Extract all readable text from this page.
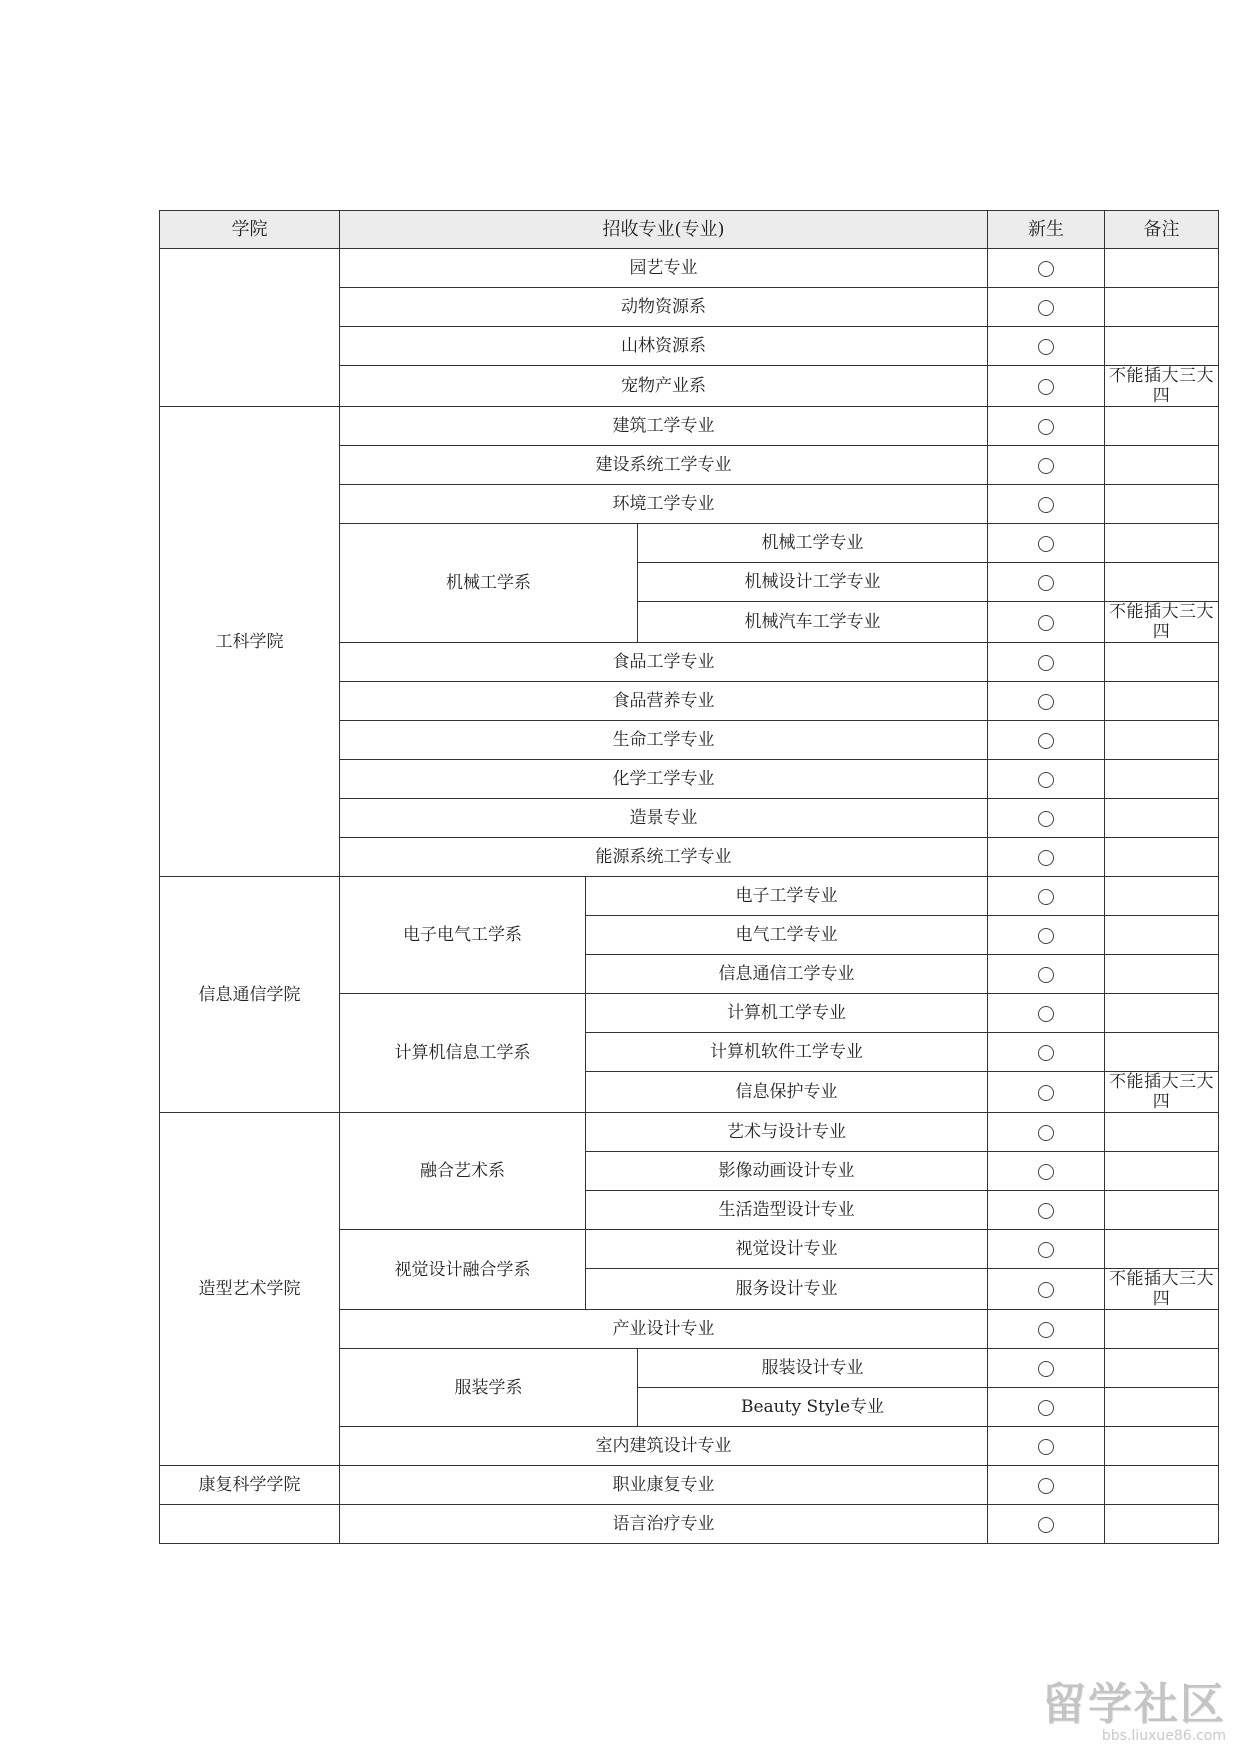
学院	招收专业(专业)			新生	备注
	园艺专业				
	动物资源系				
	山林资源系				
	宠物产业系				不能插大三大四
工科学院	建筑工学专业				
	建设系统工学专业				
	环境工学专业				
	机械工学系		机械工学专业		
			机械设计工学专业		
			机械汽车工学专业		不能插大三大四
	食品工学专业				
	食品营养专业				
	生命工学专业				
	化学工学专业				
	造景专业				
	能源系统工学专业				
信息通信学院	电子电气工学系	电子工学专业			
		电气工学专业			
		信息通信工学专业			
	计算机信息工学系	计算机工学专业			
		计算机软件工学专业			
		信息保护专业			不能插大三大四
造型艺术学院	融合艺术系	艺术与设计专业			
		影像动画设计专业			
		生活造型设计专业			
	视觉设计融合学系	视觉设计专业			
		服务设计专业			不能插大三大四
	产业设计专业				
	服装学系		服装设计专业		
			Beauty Style专业		
	室内建筑设计专业				
康复科学学院	职业康复专业				
	语言治疗专业				
留学社区
bbs.liuxue86.com
